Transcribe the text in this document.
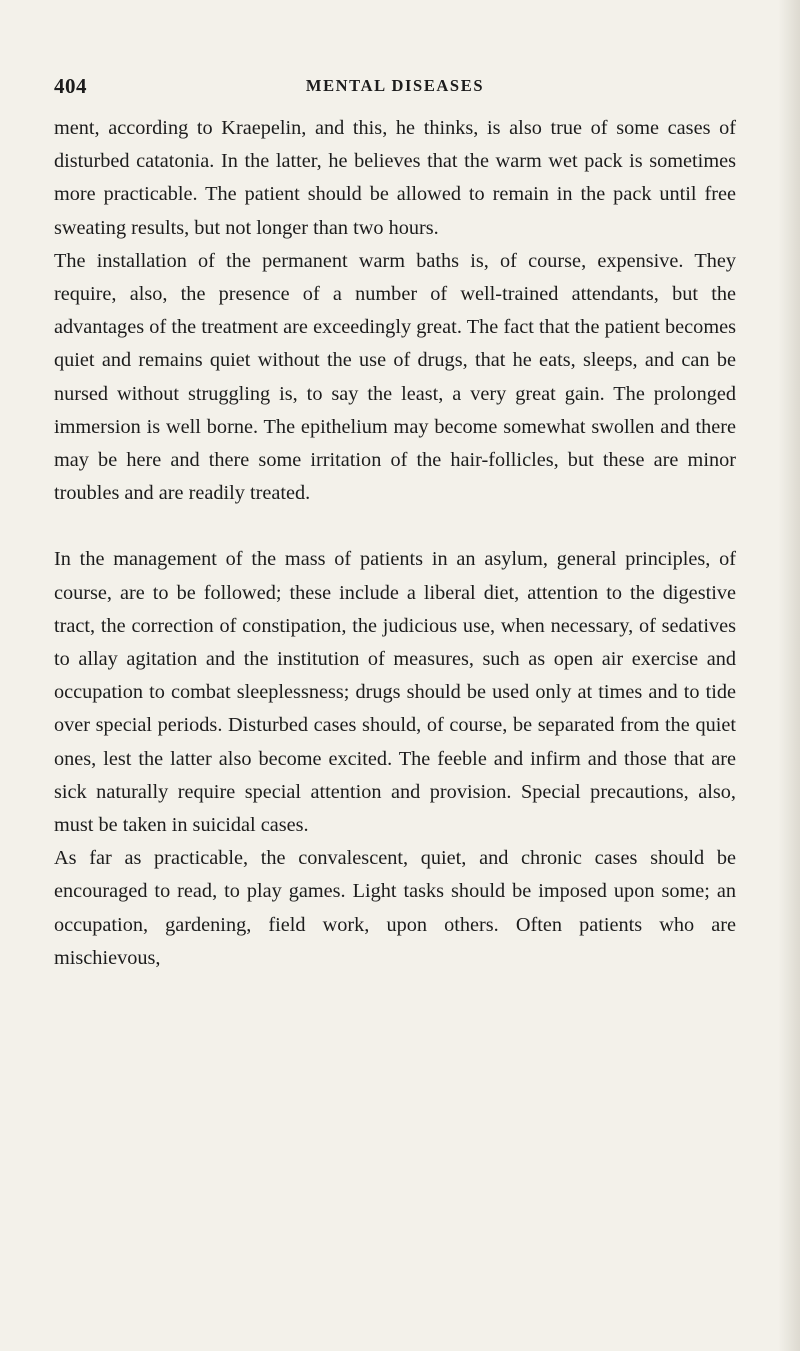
404	MENTAL DISEASES

ment, according to Kraepelin, and this, he thinks, is also true of some cases of disturbed catatonia. In the latter, he believes that the warm wet pack is sometimes more practicable. The patient should be allowed to remain in the pack until free sweating results, but not longer than two hours.

The installation of the permanent warm baths is, of course, expensive. They require, also, the presence of a number of well-trained attendants, but the advantages of the treatment are exceedingly great. The fact that the patient becomes quiet and remains quiet without the use of drugs, that he eats, sleeps, and can be nursed without struggling is, to say the least, a very great gain. The prolonged immersion is well borne. The epithelium may become somewhat swollen and there may be here and there some irritation of the hair-follicles, but these are minor troubles and are readily treated.

In the management of the mass of patients in an asylum, general principles, of course, are to be followed; these include a liberal diet, attention to the digestive tract, the correction of constipation, the judicious use, when necessary, of sedatives to allay agitation and the institution of measures, such as open air exercise and occupation to combat sleeplessness; drugs should be used only at times and to tide over special periods. Disturbed cases should, of course, be separated from the quiet ones, lest the latter also become excited. The feeble and infirm and those that are sick naturally require special attention and provision. Special precautions, also, must be taken in suicidal cases.

As far as practicable, the convalescent, quiet, and chronic cases should be encouraged to read, to play games. Light tasks should be imposed upon some; an occupation, gardening, field work, upon others. Often patients who are mischievous,
